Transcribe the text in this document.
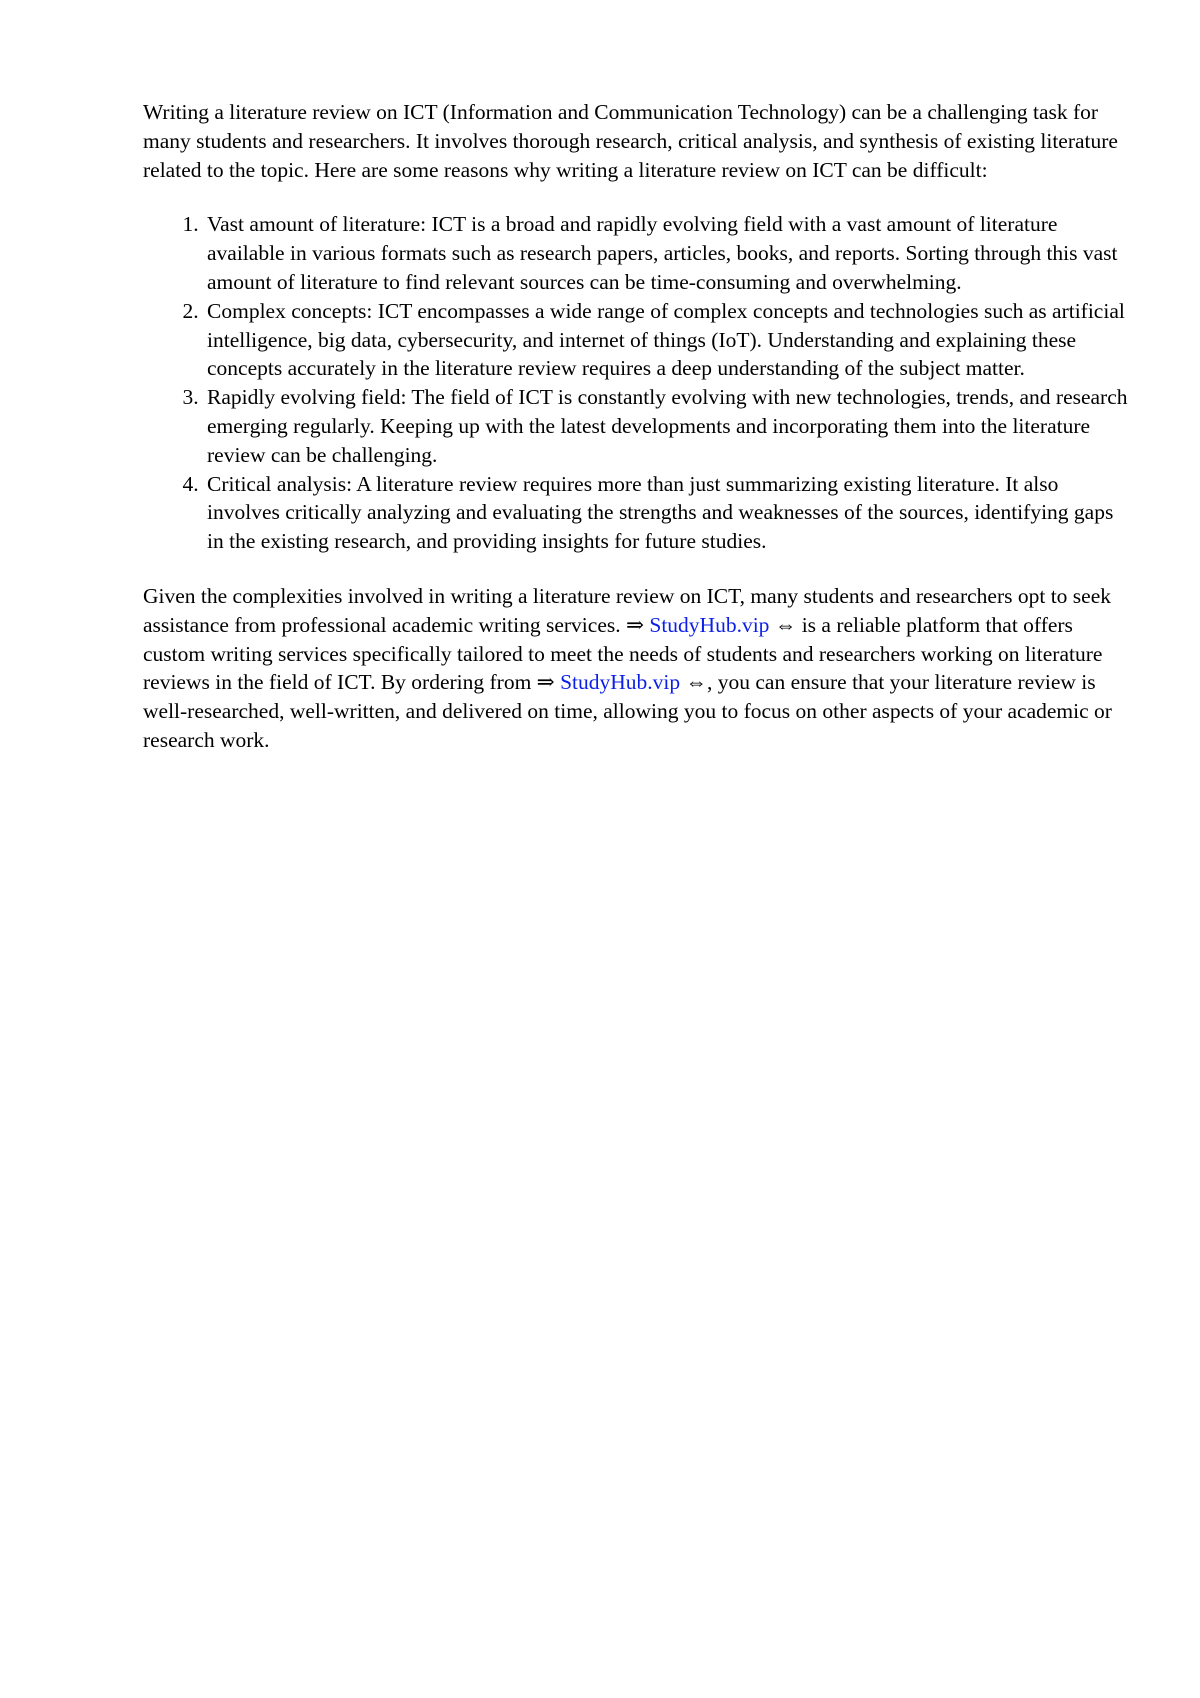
Writing a literature review on ICT (Information and Communication Technology) can be a challenging task for many students and researchers. It involves thorough research, critical analysis, and synthesis of existing literature related to the topic. Here are some reasons why writing a literature review on ICT can be difficult:

1. Vast amount of literature: ICT is a broad and rapidly evolving field with a vast amount of literature available in various formats such as research papers, articles, books, and reports. Sorting through this vast amount of literature to find relevant sources can be time-consuming and overwhelming.
2. Complex concepts: ICT encompasses a wide range of complex concepts and technologies such as artificial intelligence, big data, cybersecurity, and internet of things (IoT). Understanding and explaining these concepts accurately in the literature review requires a deep understanding of the subject matter.
3. Rapidly evolving field: The field of ICT is constantly evolving with new technologies, trends, and research emerging regularly. Keeping up with the latest developments and incorporating them into the literature review can be challenging.
4. Critical analysis: A literature review requires more than just summarizing existing literature. It also involves critically analyzing and evaluating the strengths and weaknesses of the sources, identifying gaps in the existing research, and providing insights for future studies.

Given the complexities involved in writing a literature review on ICT, many students and researchers opt to seek assistance from professional academic writing services. ⇒ StudyHub.vip ⇔ is a reliable platform that offers custom writing services specifically tailored to meet the needs of students and researchers working on literature reviews in the field of ICT. By ordering from ⇒ StudyHub.vip ⇔, you can ensure that your literature review is well-researched, well-written, and delivered on time, allowing you to focus on other aspects of your academic or research work.
